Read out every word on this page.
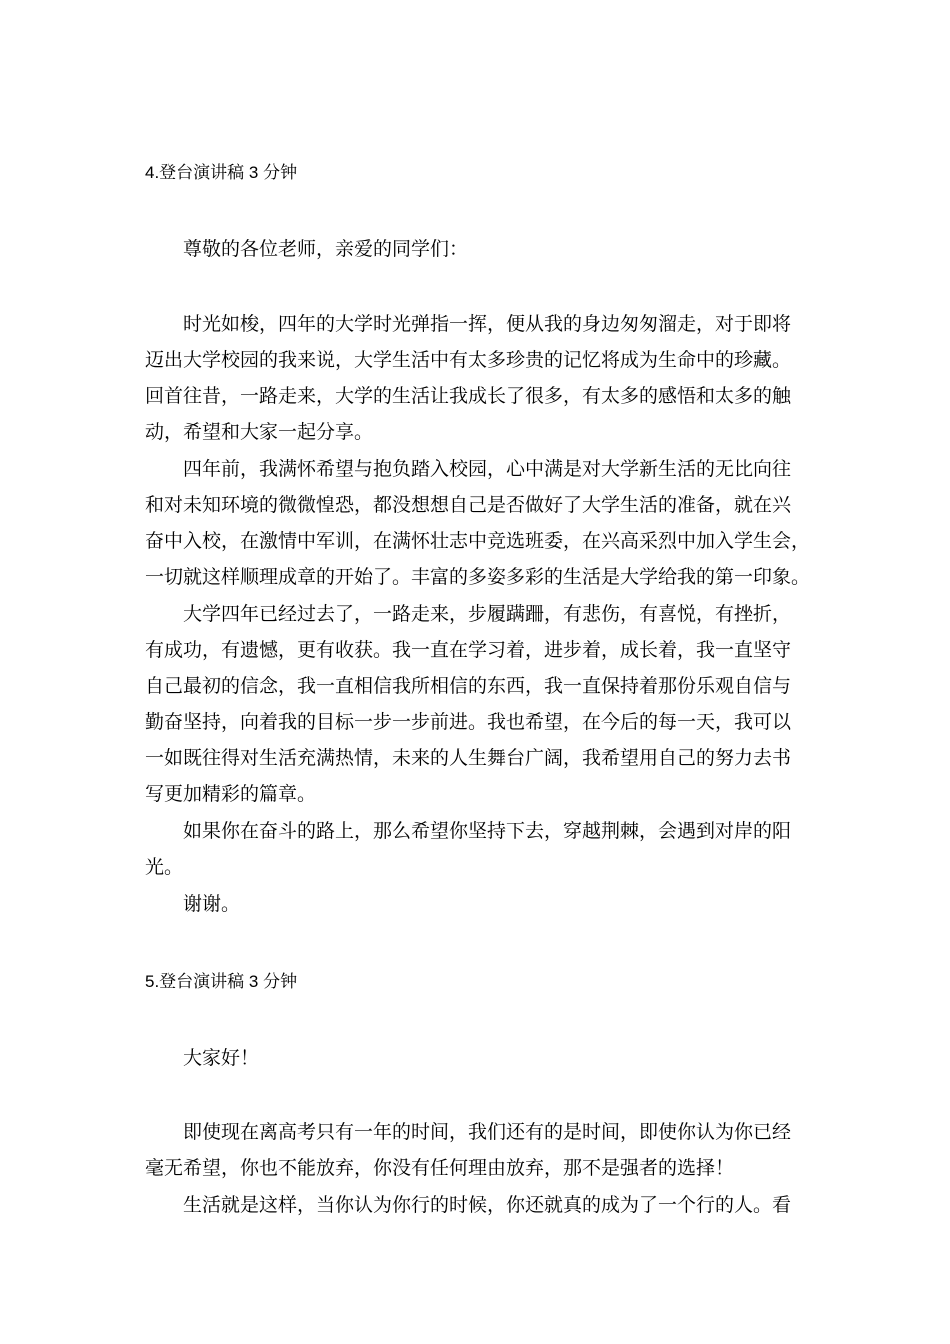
4.登台演讲稿 3 分钟
尊敬的各位老师，亲爱的同学们：
时光如梭，四年的大学时光弹指一挥，便从我的身边匆匆溜走，对于即将
迈出大学校园的我来说，大学生活中有太多珍贵的记忆将成为生命中的珍藏。
回首往昔，一路走来，大学的生活让我成长了很多，有太多的感悟和太多的触
动，希望和大家一起分享。
四年前，我满怀希望与抱负踏入校园，心中满是对大学新生活的无比向往
和对未知环境的微微惶恐，都没想想自己是否做好了大学生活的准备，就在兴
奋中入校，在激情中军训，在满怀壮志中竞选班委，在兴高采烈中加入学生会，
一切就这样顺理成章的开始了。丰富的多姿多彩的生活是大学给我的第一印象。
大学四年已经过去了，一路走来，步履蹒跚，有悲伤，有喜悦，有挫折，
有成功，有遗憾，更有收获。我一直在学习着，进步着，成长着，我一直坚守
自己最初的信念，我一直相信我所相信的东西，我一直保持着那份乐观自信与
勤奋坚持，向着我的目标一步一步前进。我也希望，在今后的每一天，我可以
一如既往得对生活充满热情，未来的人生舞台广阔，我希望用自己的努力去书
写更加精彩的篇章。
如果你在奋斗的路上，那么希望你坚持下去，穿越荆棘，会遇到对岸的阳
光。
谢谢。
5.登台演讲稿 3 分钟
大家好！
即使现在离高考只有一年的时间，我们还有的是时间，即使你认为你已经
毫无希望，你也不能放弃，你没有任何理由放弃，那不是强者的选择！
生活就是这样，当你认为你行的时候，你还就真的成为了一个行的人。看
